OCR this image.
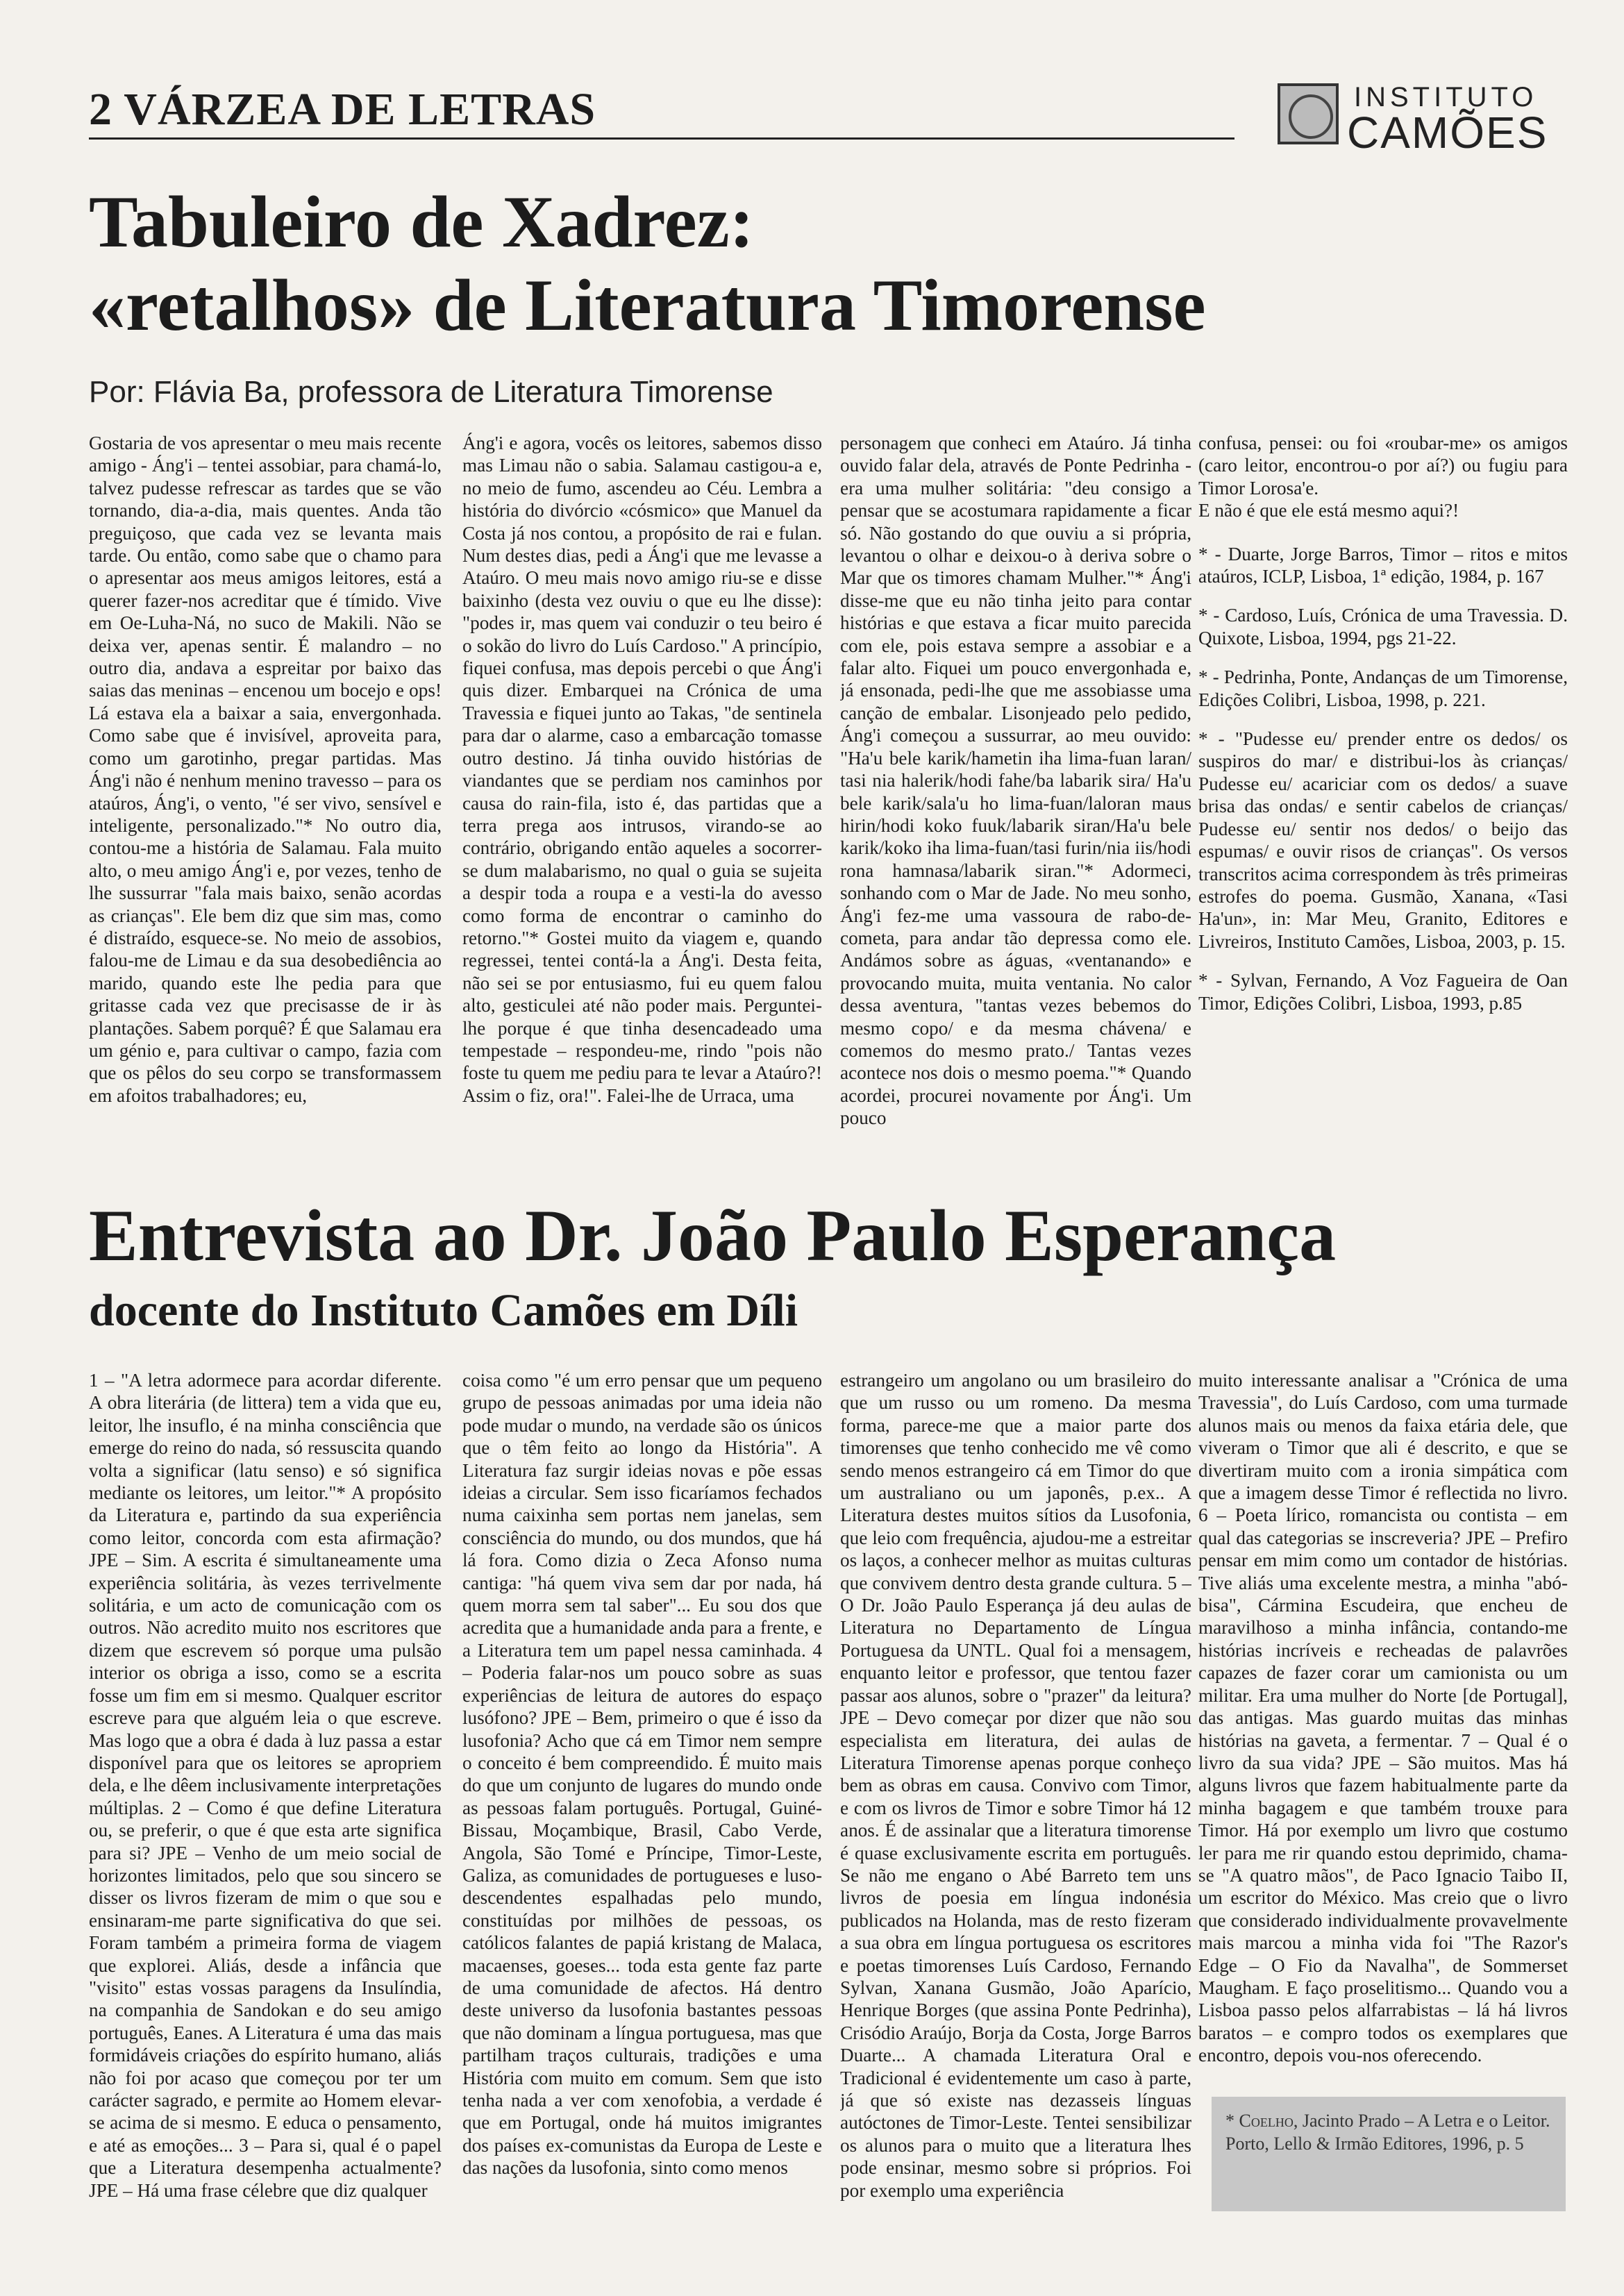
2 VÁRZEA DE LETRAS	INSTITUTO
CAMÕES
Tabuleiro de Xadrez:
«retalhos» de Literatura Timorense
Por: Flávia Ba, professora de Literatura Timorense

Gostaria de vos apresentar o meu mais recente amigo - Áng'i – tentei assobiar, para chamá-lo, talvez pudesse refrescar as tardes que se vão tornando, dia-a-dia, mais quentes. Anda tão preguiçoso, que cada vez se levanta mais tarde. Ou então, como sabe que o chamo para o apresentar aos meus amigos leitores, está a querer fazer-nos acreditar que é tímido. Vive em Oe-Luha-Ná, no suco de Makili. Não se deixa ver, apenas sentir. É malandro – no outro dia, andava a espreitar por baixo das saias das meninas – encenou um bocejo e ops! Lá estava ela a baixar a saia, envergonhada. Como sabe que é invisível, aproveita para, como um garotinho, pregar partidas. Mas Áng'i não é nenhum menino travesso – para os ataúros, Áng'i, o vento, "é ser vivo, sensível e inteligente, personalizado."* No outro dia, contou-me a história de Salamau. Fala muito alto, o meu amigo Áng'i e, por vezes, tenho de lhe sussurrar "fala mais baixo, senão acordas as crianças". Ele bem diz que sim mas, como é distraído, esquece-se. No meio de assobios, falou-me de Limau e da sua desobediência ao marido, quando este lhe pedia para que gritasse cada vez que precisasse de ir às plantações. Sabem porquê? É que Salamau era um génio e, para cultivar o campo, fazia com que os pêlos do seu corpo se transformassem em afoitos trabalhadores; eu,

Áng'i e agora, vocês os leitores, sabemos disso mas Limau não o sabia. Salamau castigou-a e, no meio de fumo, ascendeu ao Céu. Lembra a história do divórcio «cósmico» que Manuel da Costa já nos contou, a propósito de rai e fulan. Num destes dias, pedi a Áng'i que me levasse a Ataúro. O meu mais novo amigo riu-se e disse baixinho (desta vez ouviu o que eu lhe disse): "podes ir, mas quem vai conduzir o teu beiro é o sokão do livro do Luís Cardoso." A princípio, fiquei confusa, mas depois percebi o que Áng'i quis dizer. Embarquei na Crónica de uma Travessia e fiquei junto ao Takas, "de sentinela para dar o alarme, caso a embarcação tomasse outro destino. Já tinha ouvido histórias de viandantes que se perdiam nos caminhos por causa do rain-fila, isto é, das partidas que a terra prega aos intrusos, virando-se ao contrário, obrigando então aqueles a socorrer-se dum malabarismo, no qual o guia se sujeita a despir toda a roupa e a vesti-la do avesso como forma de encontrar o caminho do retorno."* Gostei muito da viagem e, quando regressei, tentei contá-la a Áng'i. Desta feita, não sei se por entusiasmo, fui eu quem falou alto, gesticulei até não poder mais. Perguntei-lhe porque é que tinha desencadeado uma tempestade – respondeu-me, rindo "pois não foste tu quem me pediu para te levar a Ataúro?! Assim o fiz, ora!". Falei-lhe de Urraca, uma

personagem que conheci em Ataúro. Já tinha ouvido falar dela, através de Ponte Pedrinha - era uma mulher solitária: "deu consigo a pensar que se acostumara rapidamente a ficar só. Não gostando do que ouviu a si própria, levantou o olhar e deixou-o à deriva sobre o Mar que os timores chamam Mulher."* Áng'i disse-me que eu não tinha jeito para contar histórias e que estava a ficar muito parecida com ele, pois estava sempre a assobiar e a falar alto. Fiquei um pouco envergonhada e, já ensonada, pedi-lhe que me assobiasse uma canção de embalar. Lisonjeado pelo pedido, Áng'i começou a sussurrar, ao meu ouvido: "Ha'u bele karik/hametin iha lima-fuan laran/ tasi nia halerik/hodi fahe/ba labarik sira/ Ha'u bele karik/sala'u ho lima-fuan/laloran maus hirin/hodi koko fuuk/labarik siran/Ha'u bele karik/koko iha lima-fuan/tasi furin/nia iis/hodi rona hamnasa/labarik siran."* Adormeci, sonhando com o Mar de Jade. No meu sonho, Áng'i fez-me uma vassoura de rabo-de-cometa, para andar tão depressa como ele. Andámos sobre as águas, «ventanando» e provocando muita, muita ventania. No calor dessa aventura, "tantas vezes bebemos do mesmo copo/ e da mesma chávena/ e comemos do mesmo prato./ Tantas vezes acontece nos dois o mesmo poema."* Quando acordei, procurei novamente por Áng'i. Um pouco

confusa, pensei: ou foi «roubar-me» os amigos (caro leitor, encontrou-o por aí?) ou fugiu para Timor Lorosa'e.

E não é que ele está mesmo aqui?!

* - Duarte, Jorge Barros, Timor – ritos e mitos ataúros, ICLP, Lisboa, 1ª edição, 1984, p. 167

* - Cardoso, Luís, Crónica de uma Travessia. D. Quixote, Lisboa, 1994, pgs 21-22.

* - Pedrinha, Ponte, Andanças de um Timorense, Edições Colibri, Lisboa, 1998, p. 221.

* - "Pudesse eu/ prender entre os dedos/ os suspiros do mar/ e distribui-los às crianças/ Pudesse eu/ acariciar com os dedos/ a suave brisa das ondas/ e sentir cabelos de crianças/ Pudesse eu/ sentir nos dedos/ o beijo das espumas/ e ouvir risos de crianças". Os versos transcritos acima correspondem às três primeiras estrofes do poema. Gusmão, Xanana, «Tasi Ha'un», in: Mar Meu, Granito, Editores e Livreiros, Instituto Camões, Lisboa, 2003, p. 15.

* - Sylvan, Fernando, A Voz Fagueira de Oan Timor, Edições Colibri, Lisboa, 1993, p.85

Entrevista ao Dr. João Paulo Esperança
docente do Instituto Camões em Díli

1 – "A letra adormece para acordar diferente. A obra literária (de littera) tem a vida que eu, leitor, lhe insuflo, é na minha consciência que emerge do reino do nada, só ressuscita quando volta a significar (latu senso) e só significa mediante os leitores, um leitor."* A propósito da Literatura e, partindo da sua experiência como leitor, concorda com esta afirmação? JPE – Sim. A escrita é simultaneamente uma experiência solitária, às vezes terrivelmente solitária, e um acto de comunicação com os outros. Não acredito muito nos escritores que dizem que escrevem só porque uma pulsão interior os obriga a isso, como se a escrita fosse um fim em si mesmo. Qualquer escritor escreve para que alguém leia o que escreve. Mas logo que a obra é dada à luz passa a estar disponível para que os leitores se apropriem dela, e lhe dêem inclusivamente interpretações múltiplas. 2 – Como é que define Literatura ou, se preferir, o que é que esta arte significa para si? JPE – Venho de um meio social de horizontes limitados, pelo que sou sincero se disser os livros fizeram de mim o que sou e ensinaram-me parte significativa do que sei. Foram também a primeira forma de viagem que explorei. Aliás, desde a infância que "visito" estas vossas paragens da Insulíndia, na companhia de Sandokan e do seu amigo português, Eanes. A Literatura é uma das mais formidáveis criações do espírito humano, aliás não foi por acaso que começou por ter um carácter sagrado, e permite ao Homem elevar-se acima de si mesmo. E educa o pensamento, e até as emoções... 3 – Para si, qual é o papel que a Literatura desempenha actualmente? JPE – Há uma frase célebre que diz qualquer

coisa como "é um erro pensar que um pequeno grupo de pessoas animadas por uma ideia não pode mudar o mundo, na verdade são os únicos que o têm feito ao longo da História". A Literatura faz surgir ideias novas e põe essas ideias a circular. Sem isso ficaríamos fechados numa caixinha sem portas nem janelas, sem consciência do mundo, ou dos mundos, que há lá fora. Como dizia o Zeca Afonso numa cantiga: "há quem viva sem dar por nada, há quem morra sem tal saber"... Eu sou dos que acredita que a humanidade anda para a frente, e a Literatura tem um papel nessa caminhada. 4 – Poderia falar-nos um pouco sobre as suas experiências de leitura de autores do espaço lusófono? JPE – Bem, primeiro o que é isso da lusofonia? Acho que cá em Timor nem sempre o conceito é bem compreendido. É muito mais do que um conjunto de lugares do mundo onde as pessoas falam português. Portugal, Guiné-Bissau, Moçambique, Brasil, Cabo Verde, Angola, São Tomé e Príncipe, Timor-Leste, Galiza, as comunidades de portugueses e luso-descendentes espalhadas pelo mundo, constituídas por milhões de pessoas, os católicos falantes de papiá kristang de Malaca, macaenses, goeses... toda esta gente faz parte de uma comunidade de afectos. Há dentro deste universo da lusofonia bastantes pessoas que não dominam a língua portuguesa, mas que partilham traços culturais, tradições e uma História com muito em comum. Sem que isto tenha nada a ver com xenofobia, a verdade é que em Portugal, onde há muitos imigrantes dos países ex-comunistas da Europa de Leste e das nações da lusofonia, sinto como menos

estrangeiro um angolano ou um brasileiro do que um russo ou um romeno. Da mesma forma, parece-me que a maior parte dos timorenses que tenho conhecido me vê como sendo menos estrangeiro cá em Timor do que um australiano ou um japonês, p.ex.. A Literatura destes muitos sítios da Lusofonia, que leio com frequência, ajudou-me a estreitar os laços, a conhecer melhor as muitas culturas que convivem dentro desta grande cultura. 5 – O Dr. João Paulo Esperança já deu aulas de Literatura no Departamento de Língua Portuguesa da UNTL. Qual foi a mensagem, enquanto leitor e professor, que tentou fazer passar aos alunos, sobre o "prazer" da leitura? JPE – Devo começar por dizer que não sou especialista em literatura, dei aulas de Literatura Timorense apenas porque conheço bem as obras em causa. Convivo com Timor, e com os livros de Timor e sobre Timor há 12 anos. É de assinalar que a literatura timorense é quase exclusivamente escrita em português. Se não me engano o Abé Barreto tem uns livros de poesia em língua indonésia publicados na Holanda, mas de resto fizeram a sua obra em língua portuguesa os escritores e poetas timorenses Luís Cardoso, Fernando Sylvan, Xanana Gusmão, João Aparício, Henrique Borges (que assina Ponte Pedrinha), Crisódio Araújo, Borja da Costa, Jorge Barros Duarte... A chamada Literatura Oral e Tradicional é evidentemente um caso à parte, já que só existe nas dezasseis línguas autóctones de Timor-Leste. Tentei sensibilizar os alunos para o muito que a literatura lhes pode ensinar, mesmo sobre si próprios. Foi por exemplo uma experiência

muito interessante analisar a "Crónica de uma Travessia", do Luís Cardoso, com uma turmade alunos mais ou menos da faixa etária dele, que viveram o Timor que ali é descrito, e que se divertiram muito com a ironia simpática com que a imagem desse Timor é reflectida no livro. 6 – Poeta lírico, romancista ou contista – em qual das categorias se inscreveria? JPE – Prefiro pensar em mim como um contador de histórias. Tive aliás uma excelente mestra, a minha "abó-bisa", Cármina Escudeira, que encheu de maravilhoso a minha infância, contando-me histórias incríveis e recheadas de palavrões capazes de fazer corar um camionista ou um militar. Era uma mulher do Norte [de Portugal], das antigas. Mas guardo muitas das minhas histórias na gaveta, a fermentar. 7 – Qual é o livro da sua vida? JPE – São muitos. Mas há alguns livros que fazem habitualmente parte da minha bagagem e que também trouxe para Timor. Há por exemplo um livro que costumo ler para me rir quando estou deprimido, chama-se "A quatro mãos", de Paco Ignacio Taibo II, um escritor do México. Mas creio que o livro que considerado individualmente provavelmente mais marcou a minha vida foi "The Razor's Edge – O Fio da Navalha", de Sommerset Maugham. E faço proselitismo... Quando vou a Lisboa passo pelos alfarrabistas – lá há livros baratos – e compro todos os exemplares que encontro, depois vou-nos oferecendo.

* Coelho, Jacinto Prado – A Letra e o Leitor. Porto, Lello & Irmão Editores, 1996, p. 5
